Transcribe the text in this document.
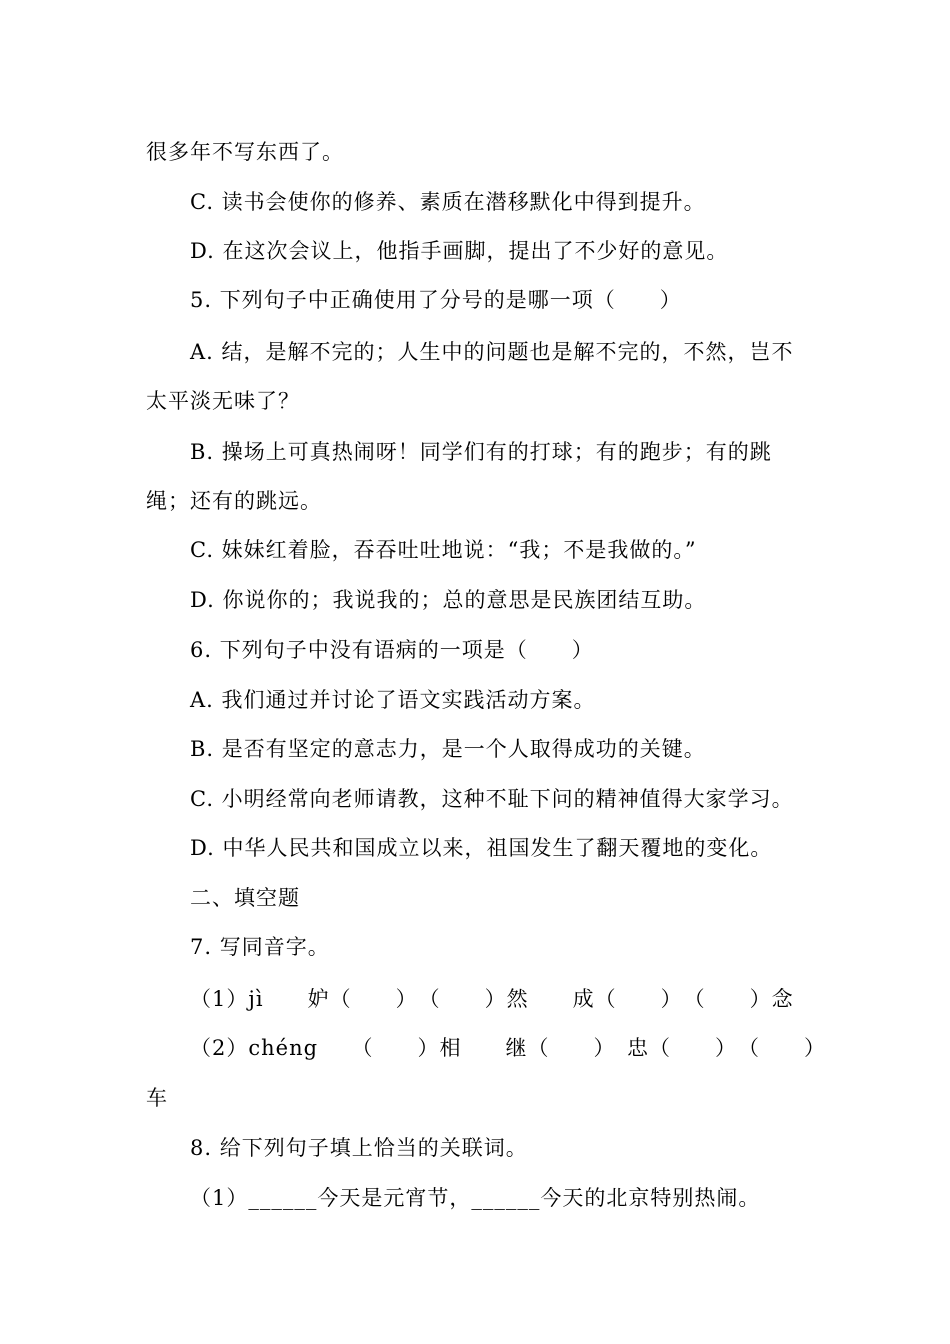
很多年不写东西了。
C. 读书会使你的修养、素质在潜移默化中得到提升。
D. 在这次会议上，他指手画脚，提出了不少好的意见。
5. 下列句子中正确使用了分号的是哪一项（　　）
A. 结，是解不完的；人生中的问题也是解不完的，不然，岂不
太平淡无味了？
B. 操场上可真热闹呀！同学们有的打球；有的跑步；有的跳
绳；还有的跳远。
C. 妹妹红着脸，吞吞吐吐地说：“我；不是我做的。”
D. 你说你的；我说我的；总的意思是民族团结互助。
6. 下列句子中没有语病的一项是（　　）
A. 我们通过并讨论了语文实践活动方案。
B. 是否有坚定的意志力，是一个人取得成功的关键。
C. 小明经常向老师请教，这种不耻下问的精神值得大家学习。
D. 中华人民共和国成立以来，祖国发生了翻天覆地的变化。
二、填空题
7. 写同音字。
（1）jì　　妒（　　）　（　　）然　　成（　　）　（　　）念
（2）chéng　　（　　）相　　继（　　）　忠（　　）　（　　）
车
8. 给下列句子填上恰当的关联词。
（1）______今天是元宵节，______今天的北京特别热闹。
